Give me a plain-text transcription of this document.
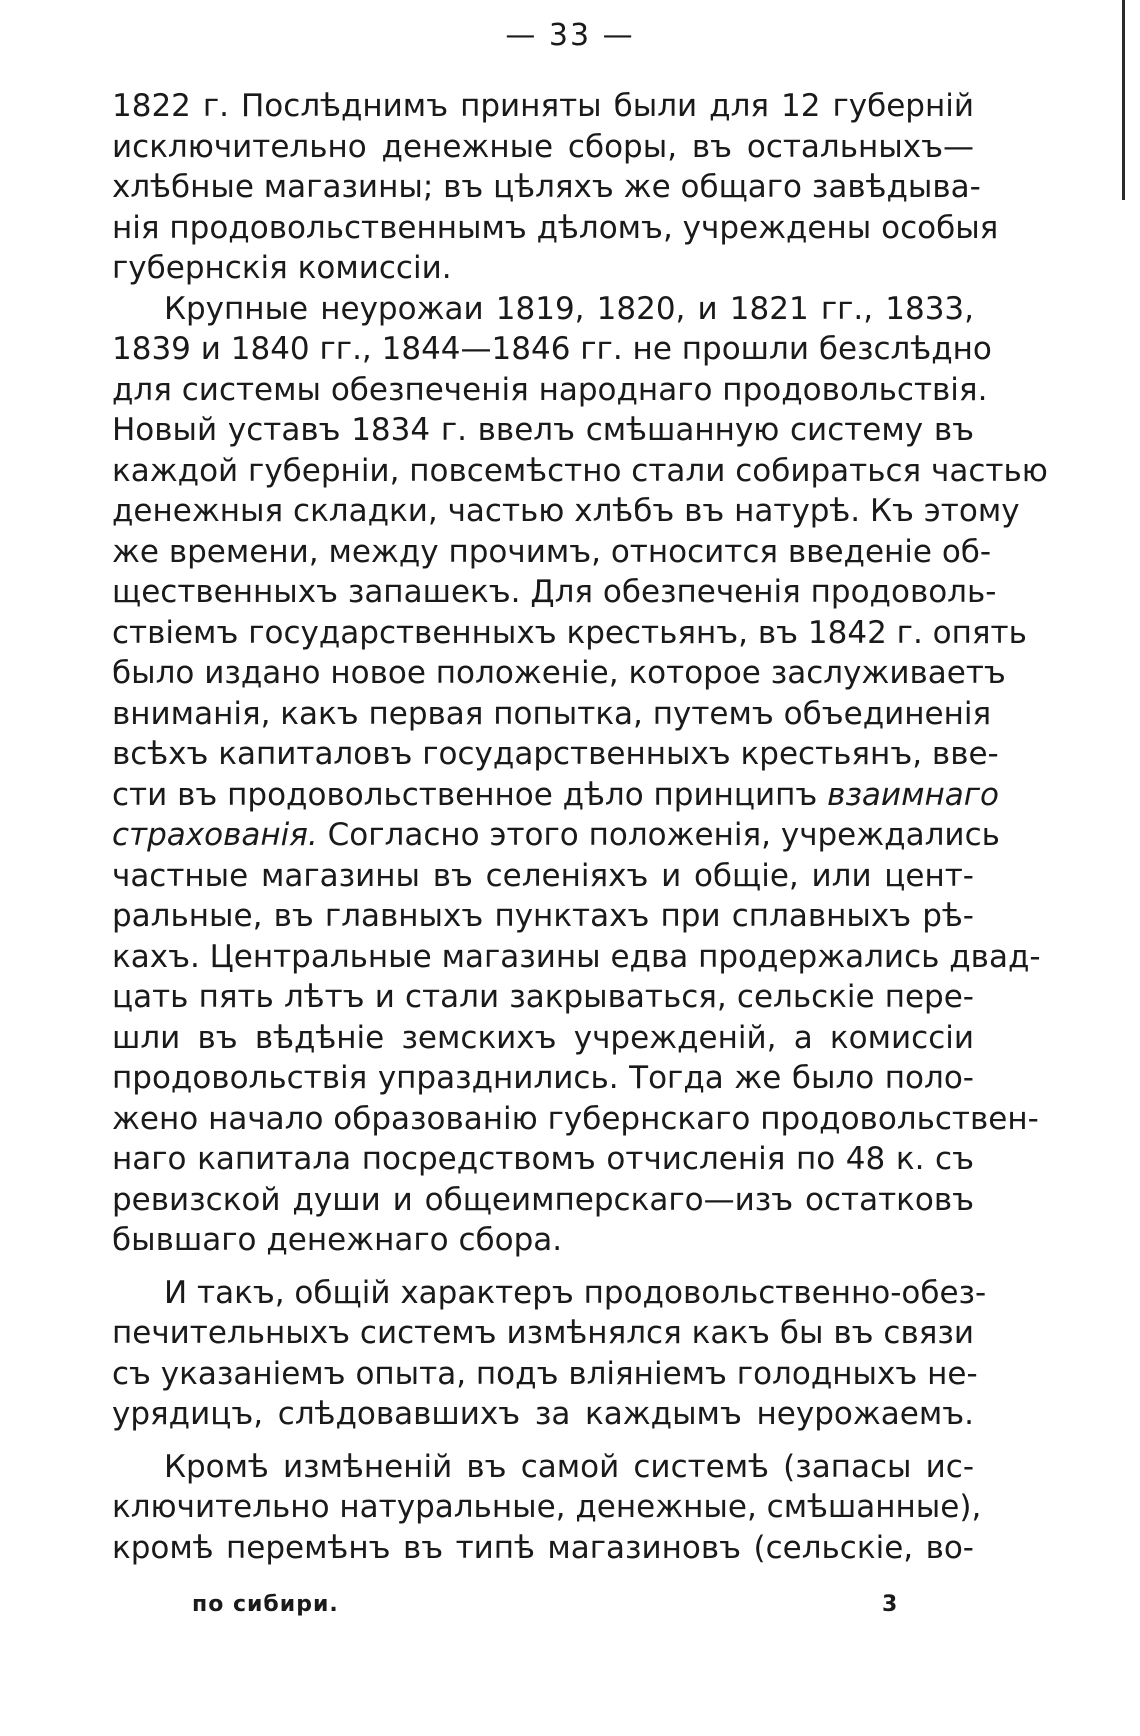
— 33 —
1822 г. Послѣднимъ приняты были для 12 губерній
исключительно денежные сборы, въ остальныхъ—
хлѣбные магазины; въ цѣляхъ же общаго завѣдыва-
нія продовольственнымъ дѣломъ, учреждены особыя
губернскія комиссіи.
Крупные неурожаи 1819, 1820, и 1821 гг., 1833,
1839 и 1840 гг., 1844—1846 гг. не прошли безслѣдно
для системы обезпеченія народнаго продовольствія.
Новый уставъ 1834 г. ввелъ смѣшанную систему въ
каждой губерніи, повсемѣстно стали собираться частью
денежныя складки, частью хлѣбъ въ натурѣ. Къ этому
же времени, между прочимъ, относится введеніе об-
щественныхъ запашекъ. Для обезпеченія продоволь-
ствіемъ государственныхъ крестьянъ, въ 1842 г. опять
было издано новое положеніе, которое заслуживаетъ
вниманія, какъ первая попытка, путемъ объединенія
всѣхъ капиталовъ государственныхъ крестьянъ, вве-
сти въ продовольственное дѣло принципъ взаимнаго
страхованія. Согласно этого положенія, учреждались
частные магазины въ селеніяхъ и общіе, или цент-
ральные, въ главныхъ пунктахъ при сплавныхъ рѣ-
кахъ. Центральные магазины едва продержались двад-
цать пять лѣтъ и стали закрываться, сельскіе пере-
шли въ вѣдѣніе земскихъ учрежденій, а комиссіи
продовольствія упразднились. Тогда же было поло-
жено начало образованію губернскаго продовольствен-
наго капитала посредствомъ отчисленія по 48 к. съ
ревизской души и общеимперскаго—изъ остатковъ
бывшаго денежнаго сбора.
И такъ, общій характеръ продовольственно-обез-
печительныхъ системъ измѣнялся какъ бы въ связи
съ указаніемъ опыта, подъ вліяніемъ голодныхъ не-
урядицъ, слѣдовавшихъ за каждымъ неурожаемъ.
Кромѣ измѣненій въ самой системѣ (запасы ис-
ключительно натуральные, денежные, смѣшанные),
кромѣ перемѣнъ въ типѣ магазиновъ (сельскіе, во-
по сибири.	3
